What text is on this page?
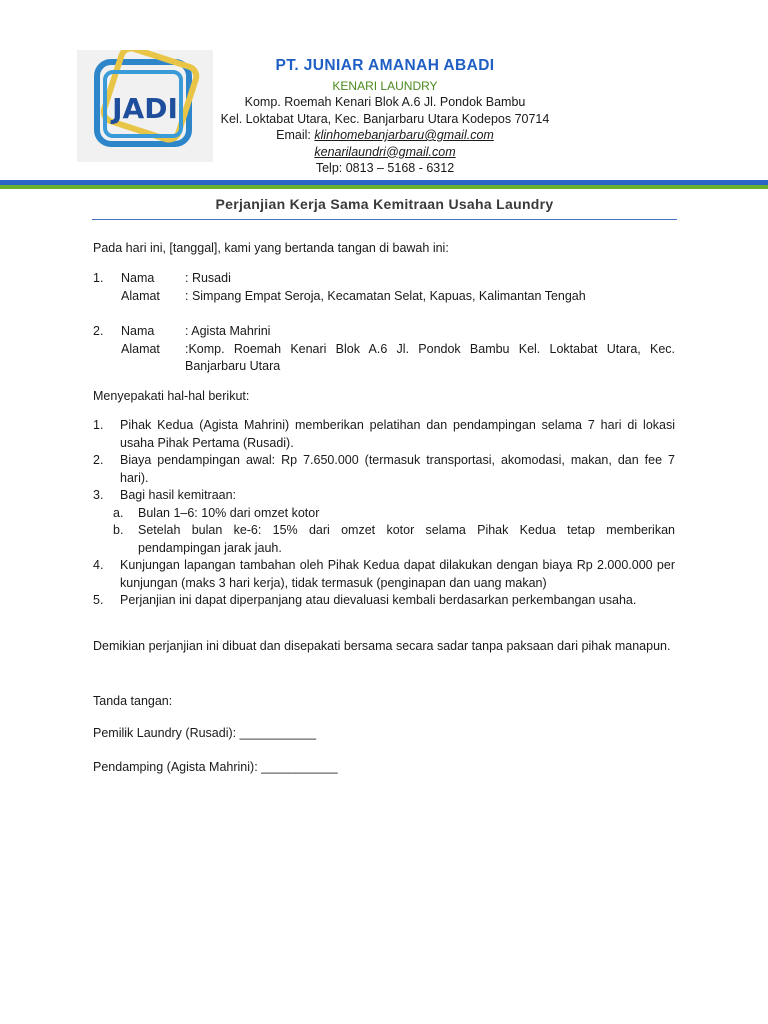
JADI
PT. JUNIAR AMANAH ABADI
KENARI LAUNDRY
Komp. Roemah Kenari Blok A.6 Jl. Pondok Bambu
Kel. Loktabat Utara, Kec. Banjarbaru Utara Kodepos 70714
Email: klinhomebanjarbaru@gmail.com
kenarilaundri@gmail.com
Telp: 0813 – 5168 - 6312
Perjanjian Kerja Sama Kemitraan Usaha Laundry
Pada hari ini, [tanggal], kami yang bertanda tangan di bawah ini:
1.	Nama	: Rusadi
Alamat	: Simpang Empat Seroja, Kecamatan Selat, Kapuas, Kalimantan Tengah
2.	Nama	: Agista Mahrini
Alamat	:Komp. Roemah Kenari Blok A.6 Jl. Pondok Bambu Kel. Loktabat Utara, Kec. Banjarbaru Utara
Menyepakati hal-hal berikut:
1.	Pihak Kedua (Agista Mahrini) memberikan pelatihan dan pendampingan selama 7 hari di lokasi usaha Pihak Pertama (Rusadi).
2.	Biaya pendampingan awal: Rp 7.650.000 (termasuk transportasi, akomodasi, makan, dan fee 7 hari).
3.	Bagi hasil kemitraan:
a.	Bulan 1–6: 10% dari omzet kotor
b.	Setelah bulan ke-6: 15% dari omzet kotor selama Pihak Kedua tetap memberikan pendampingan jarak jauh.
4.	Kunjungan lapangan tambahan oleh Pihak Kedua dapat dilakukan dengan biaya Rp 2.000.000 per kunjungan (maks 3 hari kerja), tidak termasuk (penginapan dan uang makan)
5.	Perjanjian ini dapat diperpanjang atau dievaluasi kembali berdasarkan perkembangan usaha.
Demikian perjanjian ini dibuat dan disepakati bersama secara sadar tanpa paksaan dari pihak manapun.
Tanda tangan:
Pemilik Laundry (Rusadi): ___________
Pendamping (Agista Mahrini): ___________
